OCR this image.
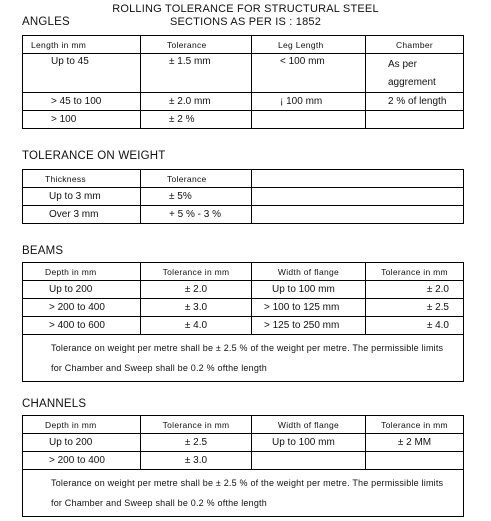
ROLLING TOLERANCE FOR STRUCTURAL STEEL
SECTIONS AS PER IS : 1852
ANGLES
Length in mm	Tolerance	Leg Length	Chamber
Up to 45	± 1.5 mm	< 100 mm	As per aggrement
> 45 to 100	± 2.0 mm	¡ 100 mm	2 % of length
> 100	± 2 %		
TOLERANCE ON WEIGHT
Thickness	Tolerance	
Up to 3 mm	± 5%	
Over 3 mm	+ 5 % - 3 %	
BEAMS
Depth in mm	Tolerance in mm	Width of flange	Tolerance in mm
Up to 200	± 2.0	Up to 100 mm	± 2.0
> 200 to 400	± 3.0	> 100 to 125 mm	± 2.5
> 400 to 600	± 4.0	> 125 to 250 mm	± 4.0
Tolerance on weight per metre shall be ± 2.5 % of the weight per metre. The permissible limits for Chamber and Sweep shall be 0.2 % ofthe length			
CHANNELS
Depth in mm	Tolerance in mm	Width of flange	Tolerance in mm
Up to 200	± 2.5	Up to 100 mm	± 2 MM
> 200 to 400	± 3.0		
Tolerance on weight per metre shall be ± 2.5 % of the weight per metre. The permissible limits for Chamber and Sweep shall be 0.2 % ofthe length			
